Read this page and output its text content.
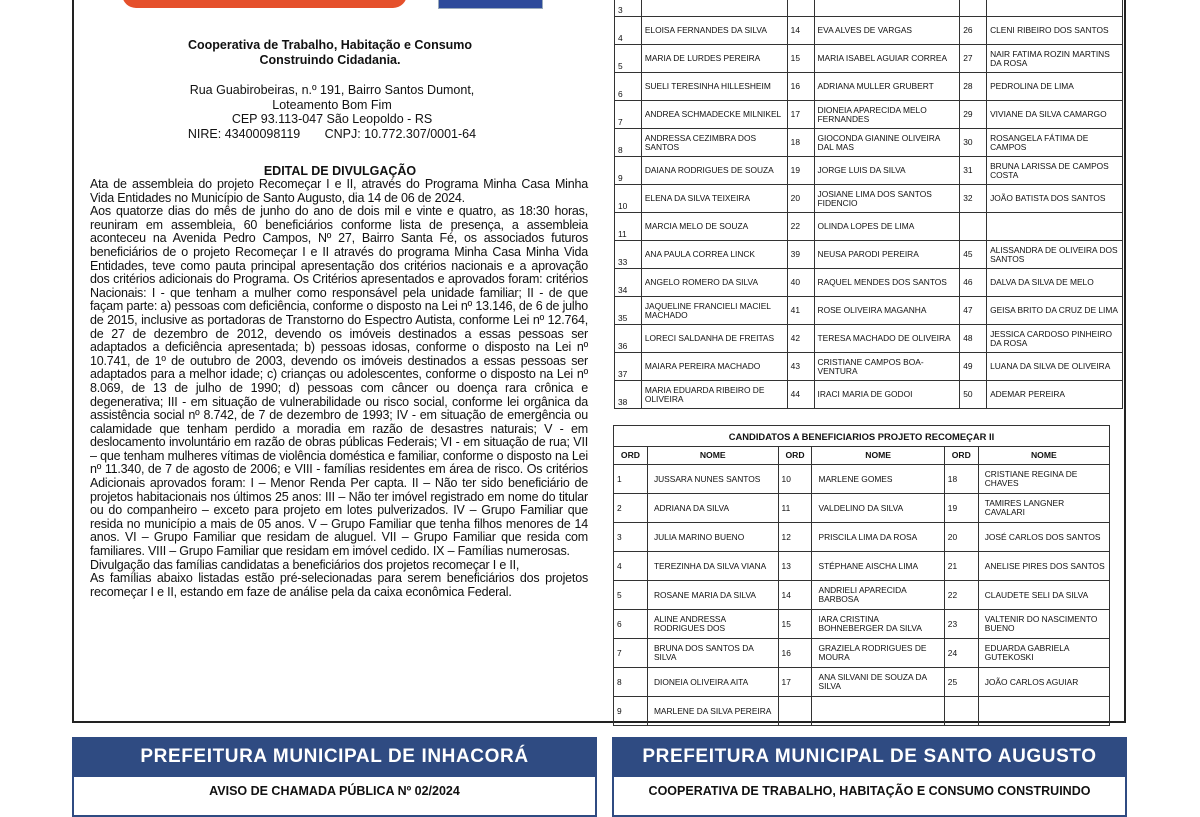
Cooperativa de Trabalho, Habitação e Consumo
Construindo Cidadania.
Rua Guabirobeiras, n.º 191, Bairro Santos Dumont,
Loteamento Bom Fim
CEP 93.113-047 São Leopoldo - RS
NIRE: 43400098119       CNPJ: 10.772.307/0001-64
EDITAL DE DIVULGAÇÃO

Ata de assembleia do projeto Recomeçar I e II, através do Programa Minha Casa Minha Vida Entidades no Município de Santo Augusto, dia 14 de 06 de 2024.

Aos quatorze dias do mês de junho do ano de dois mil e vinte e quatro, as 18:30 horas, reuniram em assembleia, 60 beneficiários conforme lista de presença, a assembleia aconteceu na Avenida Pedro Campos, Nº 27, Bairro Santa Fé, os associados futuros beneficiários de o projeto Recomeçar I e II através do programa Minha Casa Minha Vida Entidades, teve como pauta principal apresentação dos critérios nacionais e a aprovação dos critérios adicionais do Programa. Os Critérios apresentados e aprovados foram: critérios Nacionais: I - que tenham a mulher como responsável pela unidade familiar; II - de que façam parte: a) pessoas com deficiência, conforme o disposto na Lei nº 13.146, de 6 de julho de 2015, inclusive as portadoras de Transtorno do Espectro Autista, conforme Lei nº 12.764, de 27 de dezembro de 2012, devendo os imóveis destinados a essas pessoas ser adaptados a deficiência apresentada; b) pessoas idosas, conforme o disposto na Lei nº 10.741, de 1º de outubro de 2003, devendo os imóveis destinados a essas pessoas ser adaptados para a melhor idade; c) crianças ou adolescentes, conforme o disposto na Lei nº 8.069, de 13 de julho de 1990; d) pessoas com câncer ou doença rara crônica e degenerativa; III - em situação de vulnerabilidade ou risco social, conforme lei orgânica da assistência social nº 8.742, de 7 de dezembro de 1993; IV - em situação de emergência ou calamidade que tenham perdido a moradia em razão de desastres naturais; V - em deslocamento involuntário em razão de obras públicas Federais; VI - em situação de rua; VII – que tenham mulheres vítimas de violência doméstica e familiar, conforme o disposto na Lei nº 11.340, de 7 de agosto de 2006; e VIII - famílias residentes em área de risco. Os critérios Adicionais aprovados foram: I – Menor Renda Per capta. II – Não ter sido beneficiário de projetos habitacionais nos últimos 25 anos: III – Não ter imóvel registrado em nome do titular ou do companheiro – exceto para projeto em lotes pulverizados. IV – Grupo Familiar que resida no município a mais de 05 anos. V – Grupo Familiar que tenha filhos menores de 14 anos. VI – Grupo Familiar que residam de aluguel. VII – Grupo Familiar que resida com familiares. VIII – Grupo Familiar que residam em imóvel cedido. IX – Famílias numerosas.

Divulgação das famílias candidatas a beneficiários dos projetos recomeçar I e II,

As famílias abaixo listadas estão pré-selecionadas para serem beneficiários dos projetos recomeçar I e II, estando em faze de análise pela da caixa econômica Federal.

3					
4	ELOISA FERNANDES DA SILVA	14	EVA ALVES DE VARGAS	26	CLENI RIBEIRO DOS SANTOS
5	MARIA DE LURDES PEREIRA	15	MARIA ISABEL AGUIAR CORREA	27	NAIR FATIMA ROZIN MARTINS DA ROSA
6	SUELI TERESINHA HILLESHEIM	16	ADRIANA MULLER GRUBERT	28	PEDROLINA DE LIMA
7	ANDREA SCHMADECKE MILNIKEL	17	DIONEIA APARECIDA MELO FERNANDES	29	VIVIANE DA SILVA CAMARGO
8	ANDRESSA CEZIMBRA DOS SANTOS	18	GIOCONDA GIANINE OLIVEIRA DAL MAS	30	ROSANGELA FÁTIMA DE CAMPOS
9	DAIANA RODRIGUES DE SOUZA	19	JORGE LUIS DA SILVA	31	BRUNA LARISSA DE CAMPOS COSTA
10	ELENA DA SILVA TEIXEIRA	20	JOSIANE LIMA DOS SANTOS FIDENCIO	32	JOÃO BATISTA DOS SANTOS
11	MARCIA MELO DE SOUZA	22	OLINDA LOPES DE LIMA		
33	ANA PAULA CORREA LINCK	39	NEUSA PARODI PEREIRA	45	ALISSANDRA DE OLIVEIRA DOS SANTOS
34	ANGELO ROMERO DA SILVA	40	RAQUEL MENDES DOS SANTOS	46	DALVA DA SILVA DE MELO
35	JAQUELINE FRANCIELI MACIEL MACHADO	41	ROSE OLIVEIRA MAGANHA	47	GEISA BRITO DA CRUZ DE LIMA
36	LORECI SALDANHA DE FREITAS	42	TERESA MACHADO DE OLIVEIRA	48	JESSICA CARDOSO PINHEIRO DA ROSA
37	MAIARA PEREIRA MACHADO	43	CRISTIANE CAMPOS BOA-VENTURA	49	LUANA DA SILVA DE OLIVEIRA
38	MARIA EDUARDA RIBEIRO DE OLIVEIRA	44	IRACI MARIA DE GODOI	50	ADEMAR PEREIRA
CANDIDATOS A BENEFICIARIOS PROJETO RECOMEÇAR II					
ORD	NOME	ORD	NOME	ORD	NOME
1	JUSSARA NUNES SANTOS	10	MARLENE GOMES	18	CRISTIANE REGINA DE CHAVES
2	ADRIANA DA SILVA	11	VALDELINO DA SILVA	19	TAMIRES LANGNER CAVALARI
3	JULIA MARINO BUENO	12	PRISCILA LIMA DA ROSA	20	JOSÉ CARLOS DOS SANTOS
4	TEREZINHA DA SILVA VIANA	13	STÉPHANE AISCHA LIMA	21	ANELISE PIRES DOS SANTOS
5	ROSANE MARIA DA SILVA	14	ANDRIELI APARECIDA BARBOSA	22	CLAUDETE SELI DA SILVA
6	ALINE ANDRESSA RODRIGUES DOS	15	IARA CRISTINA BOHNEBERGER DA SILVA	23	VALTENIR DO NASCIMENTO BUENO
7	BRUNA DOS SANTOS DA SILVA	16	GRAZIELA RODRIGUES DE MOURA	24	EDUARDA GABRIELA GUTEKOSKI
8	DIONEIA OLIVEIRA AITA	17	ANA SILVANI DE SOUZA DA SILVA	25	JOÃO CARLOS AGUIAR
9	MARLENE DA SILVA PEREIRA				
PREFEITURA MUNICIPAL DE INHACORÁ
AVISO DE CHAMADA PÚBLICA Nº 02/2024
PREFEITURA MUNICIPAL DE SANTO AUGUSTO
COOPERATIVA DE TRABALHO, HABITAÇÃO E CONSUMO CONSTRUINDO
